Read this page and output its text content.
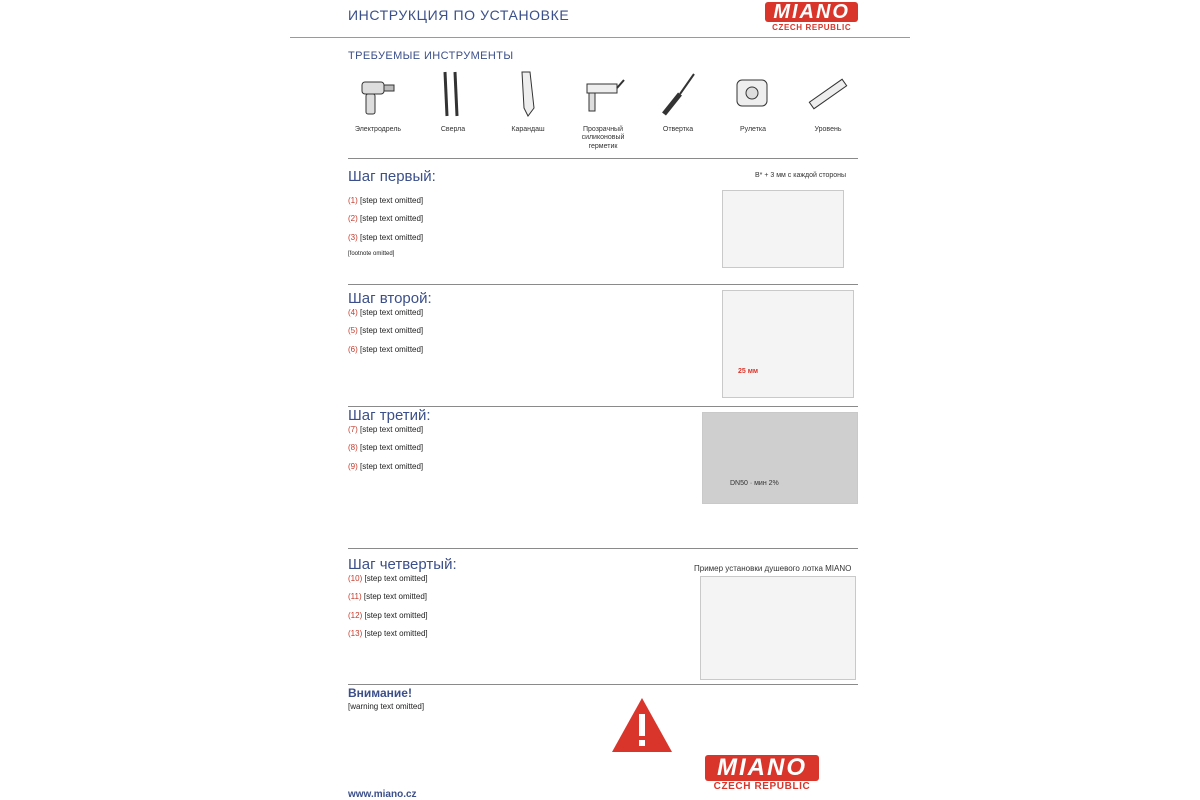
ИНСТРУКЦИЯ ПО УСТАНОВКЕ	MIANO
CZECH REPUBLIC
ТРЕБУЕМЫЕ ИНСТРУМЕНТЫ
Электродрель	Сверла	Карандаш	Прозрачный силиконовый герметик
Отвертка	Рулетка	Уровень
Шаг первый:

(1) [step text omitted]

(2) [step text omitted]

(3) [step text omitted]

[footnote omitted]

B* + 3 мм с каждой стороны
Шаг второй:

(4) [step text omitted]

(5) [step text omitted]

(6) [step text omitted]

25 мм
Шаг третий:

(7) [step text omitted]

(8) [step text omitted]

(9) [step text omitted]

DN50 · мин 2%
Шаг четвертый:

(10) [step text omitted]

(11) [step text omitted]

(12) [step text omitted]

(13) [step text omitted]

Пример установки душевого лотка MIANO
Внимание!
[warning text omitted]
MIANO
CZECH REPUBLIC
www.miano.cz
